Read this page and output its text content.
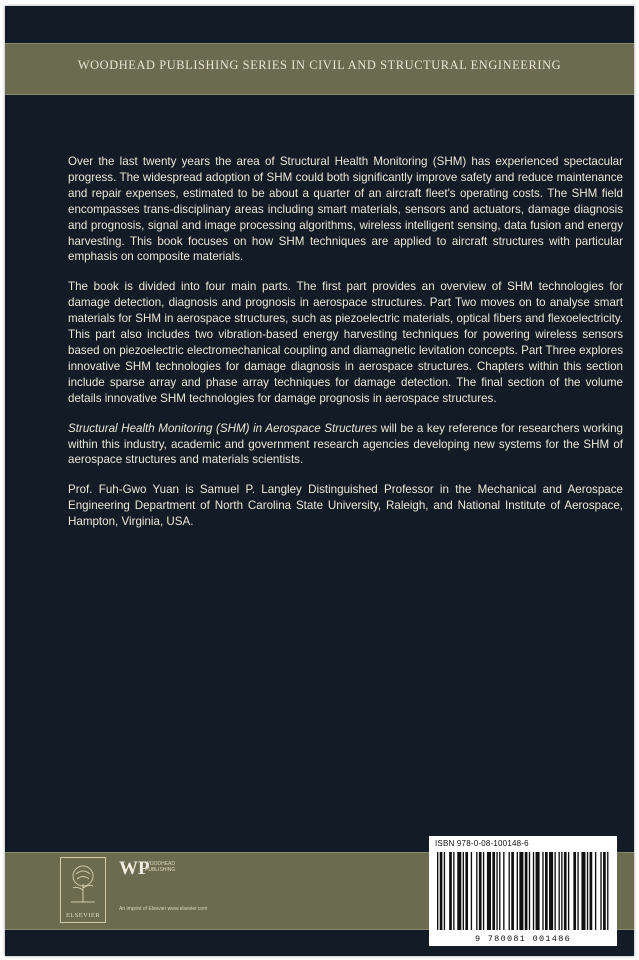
WOODHEAD PUBLISHING SERIES IN CIVIL AND STRUCTURAL ENGINEERING

Over the last twenty years the area of Structural Health Monitoring (SHM) has experienced spectacular progress. The widespread adoption of SHM could both significantly improve safety and reduce maintenance and repair expenses, estimated to be about a quarter of an aircraft fleet's operating costs. The SHM field encompasses trans-disciplinary areas including smart materials, sensors and actuators, damage diagnosis and prognosis, signal and image processing algorithms, wireless intelligent sensing, data fusion and energy harvesting. This book focuses on how SHM techniques are applied to aircraft structures with particular emphasis on composite materials.

The book is divided into four main parts. The first part provides an overview of SHM technologies for damage detection, diagnosis and prognosis in aerospace structures. Part Two moves on to analyse smart materials for SHM in aerospace structures, such as piezoelectric materials, optical fibers and flexoelectricity. This part also includes two vibration-based energy harvesting techniques for powering wireless sensors based on piezoelectric electromechanical coupling and diamagnetic levitation concepts. Part Three explores innovative SHM technologies for damage diagnosis in aerospace structures. Chapters within this section include sparse array and phase array techniques for damage detection. The final section of the volume details innovative SHM technologies for damage prognosis in aerospace structures.

Structural Health Monitoring (SHM) in Aerospace Structures will be a key reference for researchers working within this industry, academic and government research agencies developing new systems for the SHM of aerospace structures and materials scientists.

Prof. Fuh-Gwo Yuan is Samuel P. Langley Distinguished Professor in the Mechanical and Aerospace Engineering Department of North Carolina State University, Raleigh, and National Institute of Aerospace, Hampton, Virginia, USA.

ELSEVIER
WP
WOODHEAD PUBLISHING
An imprint of Elsevier www.elsevier.com
ISBN 978-0-08-100148-6
9 780081 001486
